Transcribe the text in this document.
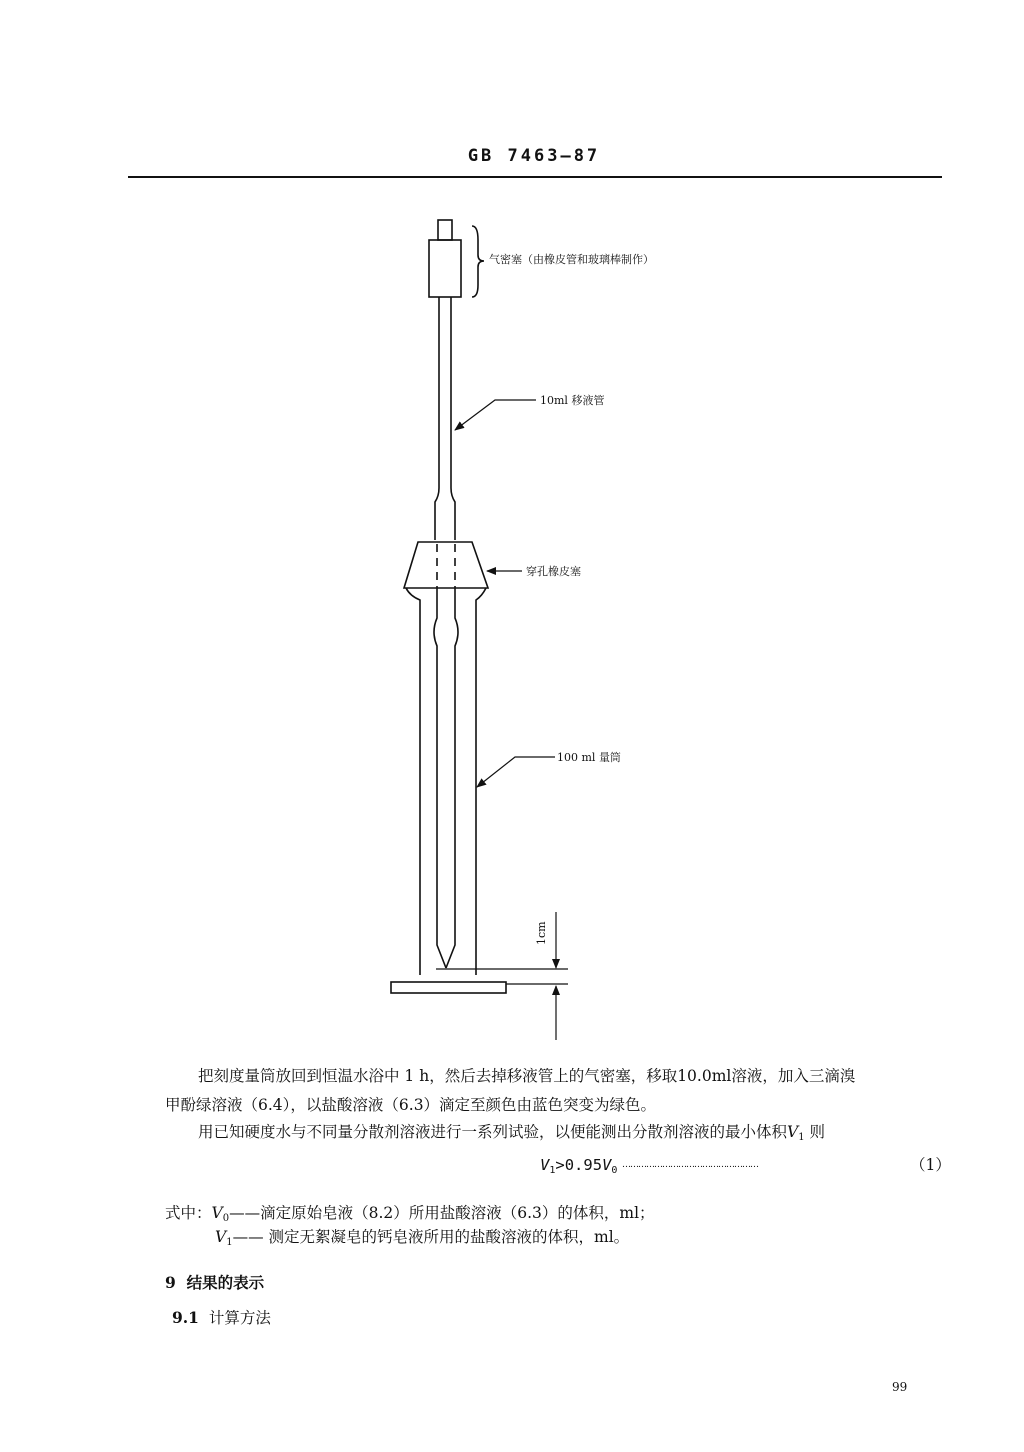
GB 7463—87
气密塞（由橡皮管和玻璃棒制作）
10ml 移液管
穿孔橡皮塞
100 ml 量筒
1cm
把刻度量筒放回到恒温水浴中 1 h，然后去掉移液管上的气密塞，移取10.0ml溶液，加入三滴溴
甲酚绿溶液（6.4），以盐酸溶液（6.3）滴定至颜色由蓝色突变为绿色。
用已知硬度水与不同量分散剂溶液进行一系列试验，以便能测出分散剂溶液的最小体积$V_1$ 则
$V_1>0.95V_0$ ……………………………………………	（1）
式中：$V_0——$滴定原始皂液（8.2）所用盐酸溶液（6.3）的体积，ml；
$V_1——$ 测定无絮凝皂的钙皂液所用的盐酸溶液的体积，ml。
9 结果的表示
9.1 计算方法
99
